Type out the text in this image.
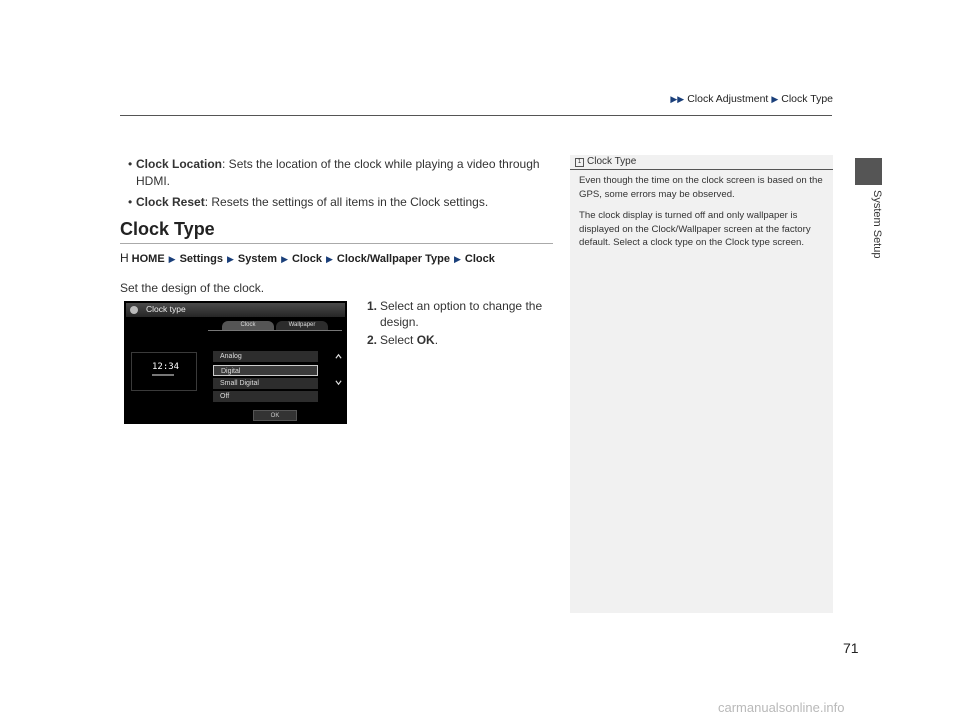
▶▶ Clock Adjustment ▶ Clock Type
System Setup
• Clock Location: Sets the location of the clock while playing a video through HDMI.
• Clock Reset: Resets the settings of all items in the Clock settings.
Clock Type
H HOME ▶ Settings ▶ System ▶ Clock ▶ Clock/Wallpaper Type ▶ Clock
Set the design of the clock.
1. Select an option to change the design.
2. Select OK.
Clock type
Clock	Wallpaper
12:34
Analog
Digital
Small Digital
Off
OK
1 Clock Type

Even though the time on the clock screen is based on the GPS, some errors may be observed.

The clock display is turned off and only wallpaper is displayed on the Clock/Wallpaper screen at the factory default. Select a clock type on the Clock type screen.

71
carmanualsonline.info
